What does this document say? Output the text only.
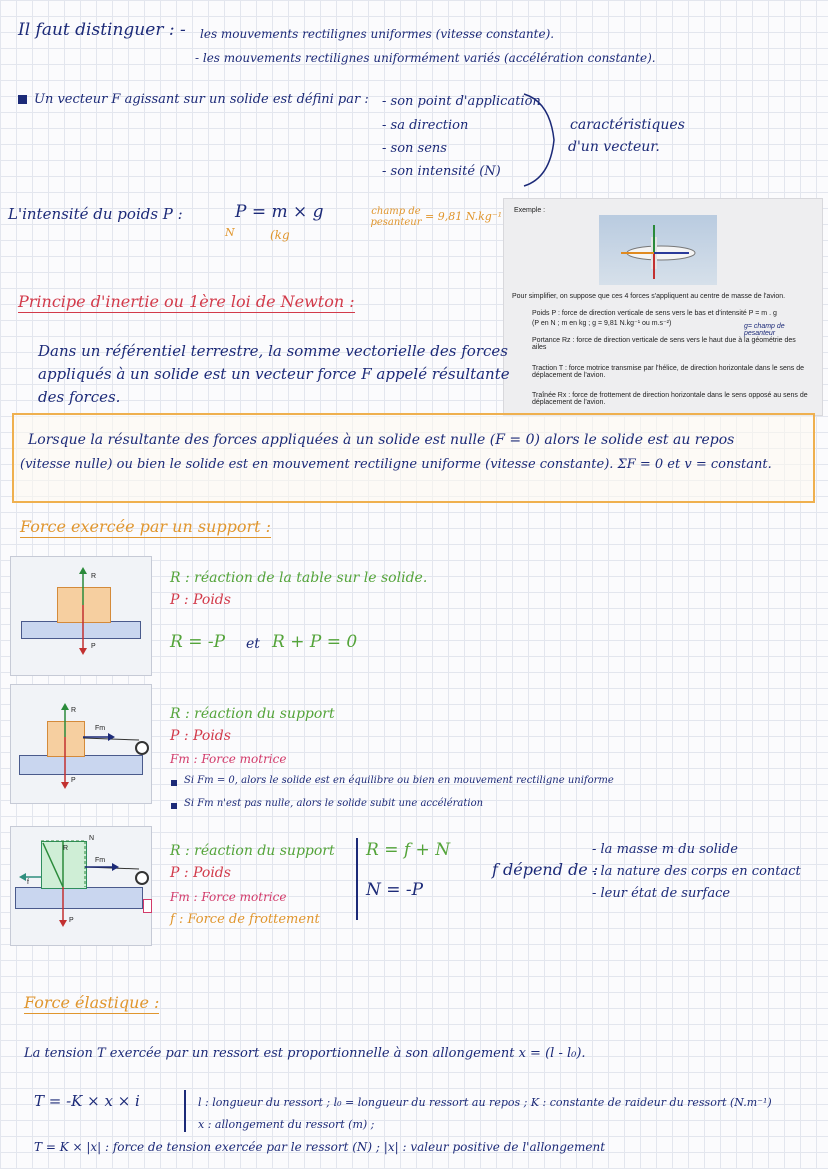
Il faut distinguer : - les mouvements rectilignes uniformes (vitesse constante).
- les mouvements rectilignes uniformément variés (accélération constante).
Un vecteur F agissant sur un solide est défini par : - son point d'application
- sa direction
- son sens
- son intensité (N)
caractéristiques
d'un vecteur.
L'intensité du poids P :	P = m × g
N	(kg
champ de pesanteur = 9,81 N.kg⁻¹ Exemple :
Pour simplifier, on suppose que ces 4 forces s'appliquent au centre de masse de l'avion.
Poids P : force de direction verticale de sens vers le bas et d'intensité P = m . g
(P en N ; m en kg ; g = 9,81 N.kg⁻¹ ou m.s⁻²)	g= champ de pesanteur
Portance Rz : force de direction verticale de sens vers le haut due à la géométrie des ailes
Traction T : force motrice transmise par l'hélice, de direction horizontale dans le sens de déplacement de l'avion.
Traînée Rx : force de frottement de direction horizontale dans le sens opposé au sens de déplacement de l'avion.
Principe d'inertie ou 1ère loi de Newton :
Dans un référentiel terrestre, la somme vectorielle des forces
appliqués à un solide est un vecteur force F appelé résultante
des forces.
Lorsque la résultante des forces appliquées à un solide est nulle (F = 0) alors le solide est au repos
(vitesse nulle) ou bien le solide est en mouvement rectiligne uniforme (vitesse constante). ΣF = 0 et v = constant.
Force exercée par un support :
R
P
R : réaction de la table sur le solide.
P : Poids
R = -P et R + P = 0
R
Fm
P
R : réaction du support
P : Poids
Fm : Force motrice
Si Fm = 0, alors le solide est en équilibre ou bien en mouvement rectiligne uniforme
Si Fm n'est pas nulle, alors le solide subit une accélération
R
N
Fm
f
P
R : réaction du support
P : Poids
Fm : Force motrice
f : Force de frottement
R = f + N
N = -P
f dépend de :
- la masse m du solide
- la nature des corps en contact
- leur état de surface
Force élastique :
La tension T exercée par un ressort est proportionnelle à son allongement x = (l - l₀).
T = -K × x × i	l : longueur du ressort ; l₀ = longueur du ressort au repos ; K : constante de raideur du ressort (N.m⁻¹)
x : allongement du ressort (m) ;
T = K × |x| : force de tension exercée par le ressort (N) ; |x| : valeur positive de l'allongement
